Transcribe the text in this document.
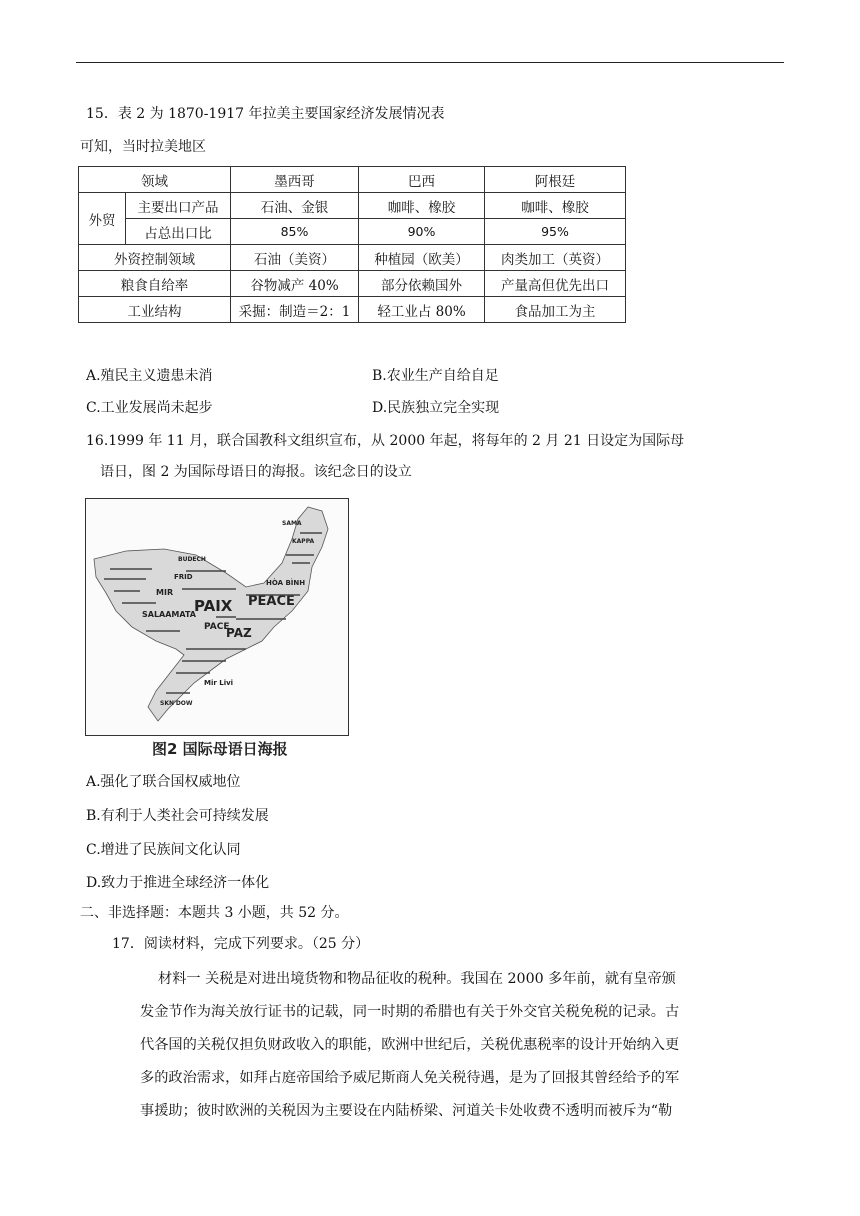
15．表 2 为 1870-1917 年拉美主要国家经济发展情况表
可知，当时拉美地区
领域		墨西哥	巴西	阿根廷
外贸	主要出口产品	石油、金银	咖啡、橡胶	咖啡、橡胶
	占总出口比	85%	90%	95%
外资控制领域		石油（美资）	种植园（欧美）	肉类加工（英资）
粮食自给率		谷物减产 40%	部分依赖国外	产量高但优先出口
工业结构		采掘：制造＝2：1	轻工业占 80%	食品加工为主
A.殖民主义遗患未消	B.农业生产自给自足
C.工业发展尚未起步	D.民族独立完全实现
16.1999 年 11 月，联合国教科文组织宣布，从 2000 年起，将每年的 2 月 21 日设定为国际母
语日，图 2 为国际母语日的海报。该纪念日的设立
PAIX PEACE
PAZ
PACE
MIR
FRID
SALAAMATA
HÒA BÌNH
BUDECH
SAMA
KAPPA
Mir Livi
SKN'DOW
图2 国际母语日海报
A.强化了联合国权威地位
B.有利于人类社会可持续发展
C.增进了民族间文化认同
D.致力于推进全球经济一体化
二、非选择题：本题共 3 小题，共 52 分。
17．阅读材料，完成下列要求。（25 分）
材料一 关税是对进出境货物和物品征收的税种。我国在 2000 多年前，就有皇帝颁
发金节作为海关放行证书的记载，同一时期的希腊也有关于外交官关税免税的记录。古
代各国的关税仅担负财政收入的职能，欧洲中世纪后，关税优惠税率的设计开始纳入更
多的政治需求，如拜占庭帝国给予威尼斯商人免关税待遇，是为了回报其曾经给予的军
事援助；彼时欧洲的关税因为主要设在内陆桥梁、河道关卡处收费不透明而被斥为“勒
